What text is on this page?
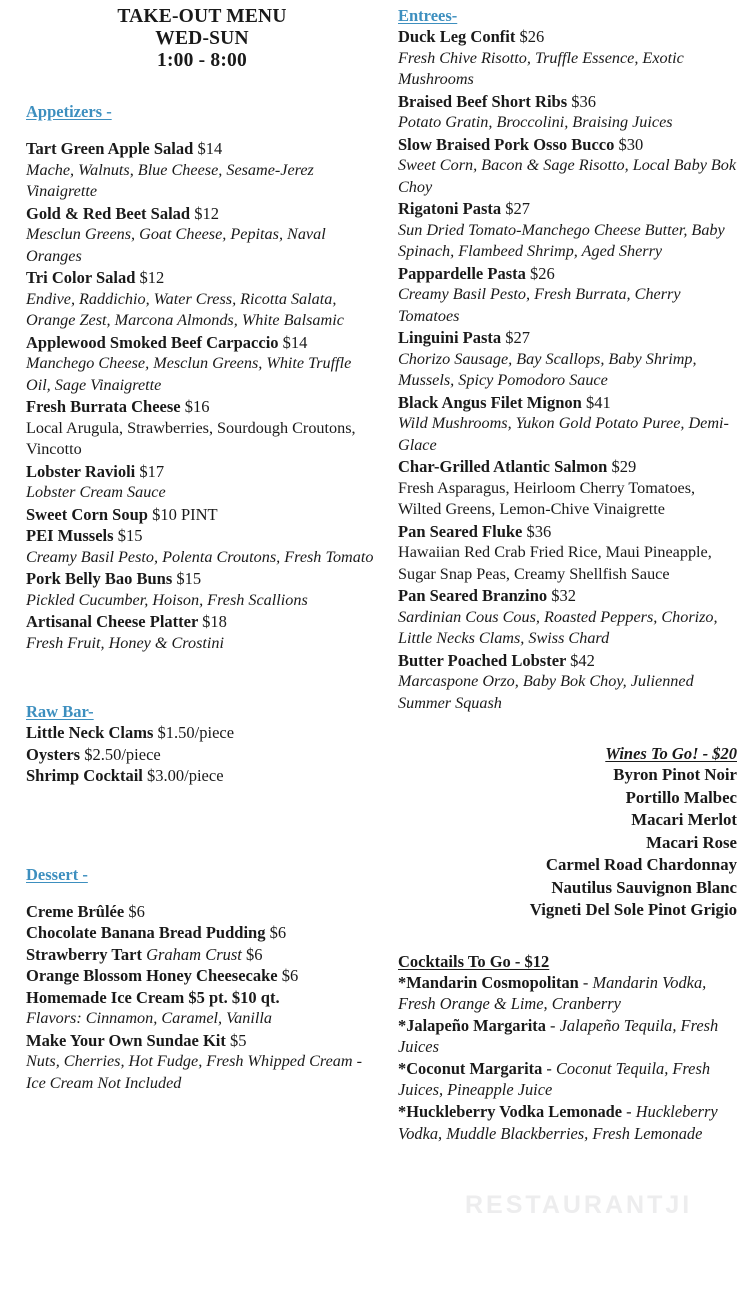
TAKE-OUT MENU
WED-SUN
1:00 - 8:00
Appetizers -
Tart Green Apple Salad $14
Mache, Walnuts, Blue Cheese, Sesame-Jerez Vinaigrette
Gold & Red Beet Salad $12
Mesclun Greens, Goat Cheese, Pepitas, Naval Oranges
Tri Color Salad $12
Endive, Raddichio, Water Cress, Ricotta Salata, Orange Zest, Marcona Almonds, White Balsamic
Applewood Smoked Beef Carpaccio $14
Manchego Cheese, Mesclun Greens, White Truffle Oil, Sage Vinaigrette
Fresh Burrata Cheese $16
Local Arugula, Strawberries, Sourdough Croutons, Vincotto
Lobster Ravioli $17
Lobster Cream Sauce
Sweet Corn Soup $10 PINT
PEI Mussels $15
Creamy Basil Pesto, Polenta Croutons, Fresh Tomato
Pork Belly Bao Buns $15
Pickled Cucumber, Hoison, Fresh Scallions
Artisanal Cheese Platter $18
Fresh Fruit, Honey & Crostini
Raw Bar-
Little Neck Clams $1.50/piece
Oysters $2.50/piece
Shrimp Cocktail $3.00/piece
Dessert -
Creme Brûlée $6
Chocolate Banana Bread Pudding $6
Strawberry Tart Graham Crust $6
Orange Blossom Honey Cheesecake $6
Homemade Ice Cream $5 pt. $10 qt.
Flavors: Cinnamon, Caramel, Vanilla
Make Your Own Sundae Kit $5
Nuts, Cherries, Hot Fudge, Fresh Whipped Cream - Ice Cream Not Included
Entrees-
Duck Leg Confit $26
Fresh Chive Risotto, Truffle Essence, Exotic Mushrooms
Braised Beef Short Ribs $36
Potato Gratin, Broccolini, Braising Juices
Slow Braised Pork Osso Bucco $30
Sweet Corn, Bacon & Sage Risotto, Local Baby Bok Choy
Rigatoni Pasta $27
Sun Dried Tomato-Manchego Cheese Butter, Baby Spinach, Flambeed Shrimp, Aged Sherry
Pappardelle Pasta $26
Creamy Basil Pesto, Fresh Burrata, Cherry Tomatoes
Linguini Pasta $27
Chorizo Sausage, Bay Scallops, Baby Shrimp, Mussels, Spicy Pomodoro Sauce
Black Angus Filet Mignon $41
Wild Mushrooms, Yukon Gold Potato Puree, Demi-Glace
Char-Grilled Atlantic Salmon $29
Fresh Asparagus, Heirloom Cherry Tomatoes, Wilted Greens, Lemon-Chive Vinaigrette
Pan Seared Fluke $36
Hawaiian Red Crab Fried Rice, Maui Pineapple, Sugar Snap Peas, Creamy Shellfish Sauce
Pan Seared Branzino $32
Sardinian Cous Cous, Roasted Peppers, Chorizo, Little Necks Clams, Swiss Chard
Butter Poached Lobster $42
Marcaspone Orzo, Baby Bok Choy, Julienned Summer Squash
Wines To Go! - $20
Byron Pinot Noir
Portillo Malbec
Macari Merlot
Macari Rose
Carmel Road Chardonnay
Nautilus Sauvignon Blanc
Vigneti Del Sole Pinot Grigio
Cocktails To Go - $12
*Mandarin Cosmopolitan - Mandarin Vodka, Fresh Orange & Lime, Cranberry
*Jalapeño Margarita - Jalapeño Tequila, Fresh Juices
*Coconut Margarita - Coconut Tequila, Fresh Juices, Pineapple Juice
*Huckleberry Vodka Lemonade - Huckleberry Vodka, Muddle Blackberries, Fresh Lemonade
RESTAURANTJI
